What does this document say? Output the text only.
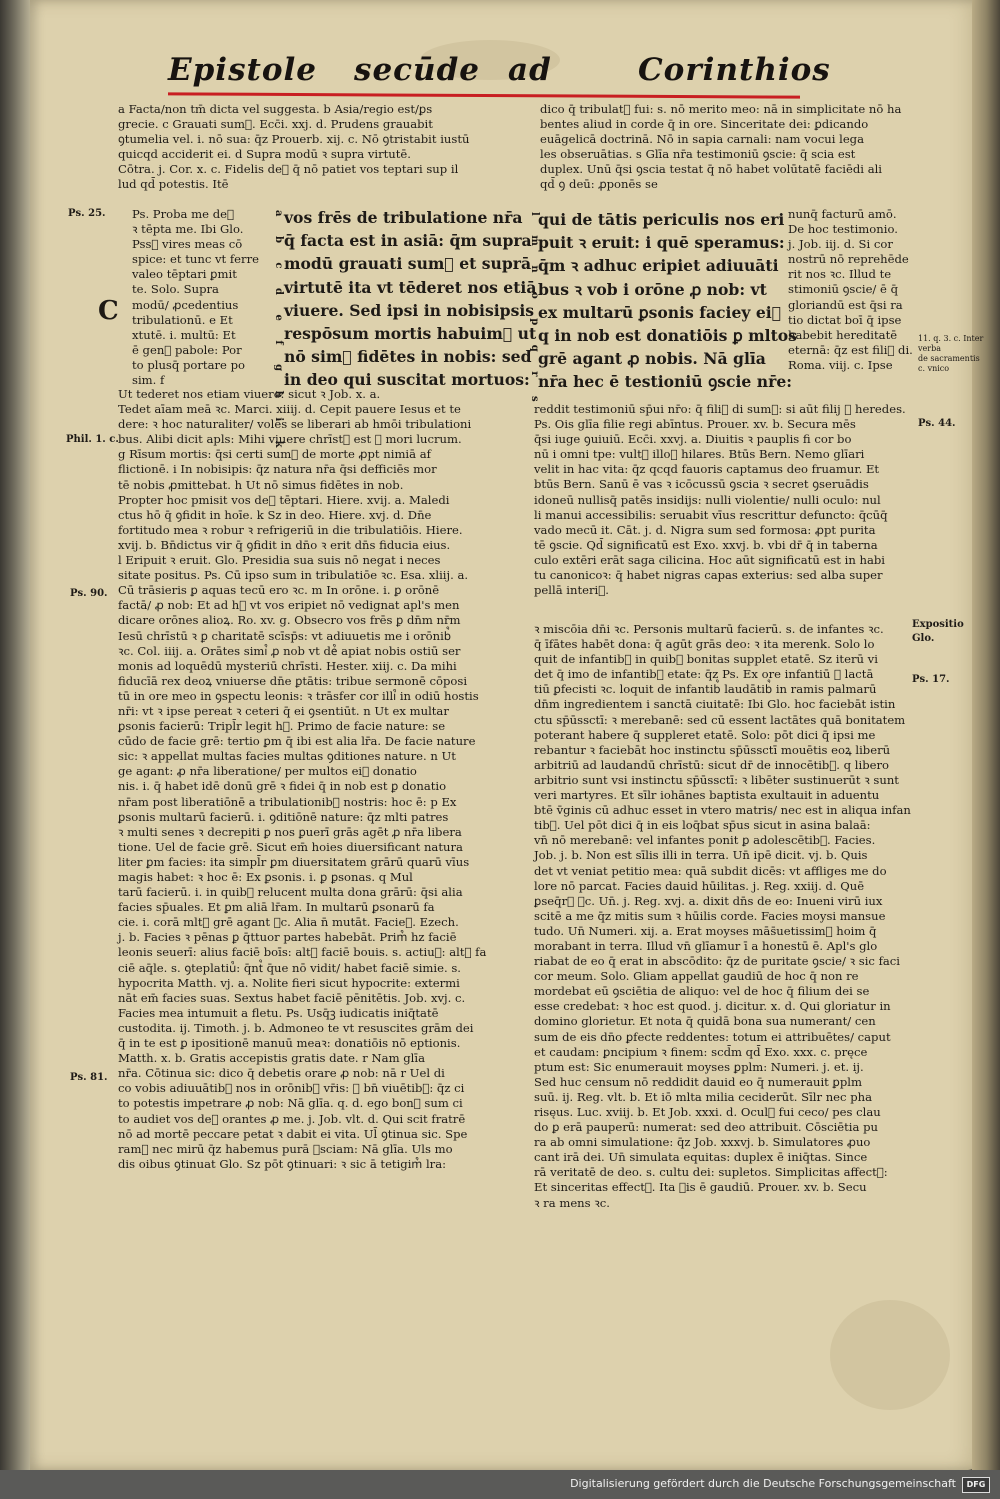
Epistole secūde ad	Corinthios
a Facta/non tm̄ dicta vel suggesta. b Asia/regio est/ꝑs
grecie. c Grauati sum᷒. Ecc̄i. xxj. d. Prudens grauabit
ꝯtumelia vel. i. nō sua: q̄z Prouerb. xij. c. Nō ꝯtristabit iustū
quicqd acciderit ei. d Supra modū ꝛ supra virtutē.
Cōtra. j. Cor. x. c. Fidelis de᷒ q̄ nō patiet vos teptari sup il
lud qd̄ potestis. Itē
Ps. Proba me de᷒
ꝛ tēpta me. Ibi Glo.
Pss᷒ vires meas cō
spice: et tunc vt ferre
valeo tēptari ꝑmit
te. Solo. Supra
modū/ ꝓcedentius
tribulationū. e Et
xtutē. i. multū: Et
ē gen᷒ pabole: Por
to plusq̄ portare po
sim. f
C
vos frēs de tribulatione nr̄a
q̄ facta est in asiā: q̄m supra
modū grauati sum᷒ et suprā
virtutē ita vt tēderet nos etiā
viuere. Sed ipsi in nobisipsis
respōsum mortis habuim᷒ ut
nō sim᷒ fidētes in nobis: sed
in deo qui suscitat mortuos:
a b c d e f g h i k
Ut tederet nos etiam viuere: sicut ꝛ Job. x. a.
Tedet aīam meā ꝛc. Marci. xiiij. d. Cepit pauere Iesus et te
dere: ꝛ hoc naturaliter/ volēs se liberari ab hmōi tribulationi
bus. Alibi dicit apls: Mihi viuere chrīst᷒ est ꝛ mori lucrum.
g Rīsum mortis: q̄si certi sum᷒ de morte ꝓpt nimiā af
flictionē. i In nobisipis: q̄z natura nr̄a q̄si defficiēs mor
tē nobis ꝓmittebat. h Ut nō simus fidētes in nob.
Propter hoc pmisit vos de᷒ tēptari. Hiere. xvij. a. Maledi
ctus hō q̄ ꝯfidit in hoīe. k Sz in deo. Hiere. xvj. d. Dn̄e
fortitudo mea ꝛ robur ꝛ refrigeriū in die tribulatiōis. Hiere.
xvij. b. Bn̄dictus vir q̄ ꝯfidit in dn̄o ꝛ erit dn̄s fiducia eius.
l Eripuit ꝛ eruit. Glo. Presidia sua suis nō negat i neces
sitate positus. Ps. Cū ipso sum in tribulatiōe ꝛc. Esa. xliij. a.
Cū trāsieris ꝑ aquas tecū ero ꝛc. m In orōne. i. ꝑ orōnē
factā/ ꝓ nob: Et ad h᷒ vt vos eripiet nō vedignat apl's men
dicare orōnes alioꝝ. Ro. xv. g. Obsecro vos frēs ꝑ dn̄m nr̄m
Iesū chrīstū ꝛ ꝑ charitatē scīsp̄s: vt adiuuetis me i orōnib᷒
ꝛc. Col. iiij. a. Orātes simi᷒ ꝓ nob vt de᷒ apiat nobis ostiū ser
monis ad loquēdū mysteriū chrīsti. Hester. xiij. c. Da mihi
fiducīā rex deoꝝ vniuerse dn̄e ꝑtātis: tribue sermonē cōposi
tū in ore meo in ꝯspectu leonis: ꝛ trāsfer cor illi᷒ in odiū hostis
nr̄i: vt ꝛ ipse pereat ꝛ ceteri q̄ ei ꝯsentiūt. n Ut ex multar
ꝑsonis facierū: Tripl̄r legit h᷒. Primo de facie nature: se
cūdo de facie grē: tertio ꝑm q̄ ibi est alia lr̄a. De facie nature
sic: ꝛ appellat multas facies multas ꝯditiones nature. n Ut
ge agant: ꝓ nr̄a liberatione/ per multos ei᷒ donatio
nis. i. q̄ habet idē donū grē ꝛ fidei q̄ in nob est ꝑ donatio
nr̄am post liberatiōnē a tribulationib᷒ nostris: hoc ē: p Ex
ꝑsonis multarū facierū. i. ꝯditiōnē nature: q̄z mlti patres
ꝛ multi senes ꝛ decrepiti ꝑ nos ꝑuerī grās agēt ꝓ nr̄a libera
tione. Uel de facie grē. Sicut em̄ hoies diuersificant natura
liter ꝑm facies: ita simpl̄r ꝑm diuersitatem grārū quarū vīus
magis habet: ꝛ hoc ē: Ex ꝑsonis. i. ꝑ ꝑsonas. q Mul
tarū facierū. i. in quib᷒ relucent multa dona grārū: q̄si alia
facies sp̄uales. Et ꝑm aliā lr̄am. In multarū ꝑsonarū fa
cie. i. corā mlt᷒ grē agant ꝛc. Alia n̄ mutāt. Facieꝝ. Ezech.
j. b. Facies ꝛ pēnas ꝑ q̄ttuor partes habebāt. Prim᷒ hz faciē
leonis seuerī: alius faciē boīs: alt᷒ faciē bouis. s. actiu᷒: alt᷒ fa
ciē aq̄le. s. ꝯteplatiu᷒: q̄nt᷒ q̄ue nō vidit/ habet faciē simie. s.
hypocrita Matth. vj. a. Nolite fieri sicut hypocrite: extermi
nāt em̄ facies suas. Sextus habet faciē pēnitētis. Job. xvj. c.
Facies mea intumuit a fletu. Ps. Usq̄ꝫ iudicatis iniq̄tatē
custodita. ij. Timoth. j. b. Admoneo te vt resuscites grām dei
q̄ in te est ꝑ ipositionē manuū meaꝛ: donatiōis nō eptionis.
Matth. x. b. Gratis accepistis gratis date. r Nam glīa
nr̄a. Cōtinua sic: dico q̄ debetis orare ꝓ nob: nā r Uel di
co vobis adiuuātib᷒ nos in orōnib᷒ vr̄is: ꝛ bn̄ viuētib᷒: q̄z ci
to potestis impetrare ꝓ nob: Nā glīa. q. d. ego bon᷒ sum ci
to audiet vos de᷒ orantes ꝓ me. j. Job. vlt. d. Qui scit fratrē
nō ad mortē peccare petat ꝛ dabit ei vita. Ul̄ ꝯtinua sic. Spe
ram᷒ nec mirū q̄z habemus purā ꝯsciam: Nā glīa. Uls mo
dis oibus ꝯtinuat Glo. Sz pōt ꝯtinuari: ꝛ sic ā tetigim᷒ lra:
dico q̄ tribulat᷒ fui: s. nō merito meo: nā in simplicitate nō ha
bentes aliud in corde q̄ in ore. Sinceritate dei: ꝑdicando
euāgelicā doctrinā. Nō in sapia carnali: nam vocui lega
les obseruātias. s Glīa nr̄a testimoniū ꝯscie: q̄ scia est
duplex. Unū q̄si ꝯscia testat q̄ nō habet volūtatē faciēdi ali
qd̄ ꝯ deū: ꝓponēs se
qui de tātis periculis nos eri
puit ꝛ eruit: i quē speramus:
q̄m ꝛ adhuc eripiet adiuuāti
bus ꝛ vob i orōne ꝓ nob: vt
ex multarū ꝑsonis faciey ei᷒
q in nob est donatiōis ꝑ mltos
grē agant ꝓ nobis. Nā glīa
nr̄a hec ē testioniū ꝯscie nr̄e:
l m n o p q r s	nunq̄ facturū amō.
De hoc testimonio.
j. Job. iij. d. Si cor
nostrū nō reprehēde
rit nos ꝛc. Illud te
stimoniū ꝯscie/ ē q̄
gloriandū est q̄si ra
tio dictat boī q̄ ipse
habebit hereditatē
eternā: q̄z est fili᷒ di.
Roma. viij. c. Ipse
reddit testimoniū sp̄ui nr̄o: q̄ fili᷒ di sum᷒: si aūt filij ꝛ heredes.
Ps. Ois glīa filie regi abīntus. Prouer. xv. b. Secura mēs
q̄si iuge ꝯuiuiū. Ecc̄i. xxvj. a. Diuitis ꝛ pauplis fi cor bo
nū i omni tpe: vult᷒ illoꝝ hilares. Btūs Bern. Nemo glīari
velit in hac vita: q̄z qcqd fauoris captamus deo fruamur. Et
btūs Bern. Sanū ē vas ꝛ icōcussū ꝯscia ꝛ secret ꝯseruādis
idoneū nullisq̄ patēs insidijs: nulli violentie/ nulli oculo: nul
li manui accessibilis: seruabit vīus rescrittur defuncto: q̄cūq̄
vado mecū it. Cāt. j. d. Nigra sum sed formosa: ꝓpt purita
tē ꝯscie. Qd̄ significatū est Exo. xxvj. b. vbi dr̄ q̄ in taberna
culo extēri erāt saga cilicina. Hoc aūt significatū est in habi
tu canonicoꝛ: q̄ habet nigras capas exterius: sed alba super
pellā interi᷒.
ꝛ miscōia dn̄i ꝛc. Personis multarū facierū. s. de infantes ꝛc.
q̄ īfātes habēt dona: q̄ agūt grās deo: ꝛ ita merenk. Solo lo
quit de infantib᷒ in quib᷒ bonitas supplet etatē. Sz iterū vi
det q̄ imo de infantib᷒ etate: q̄z Ps. Ex ore infantiū ꝛ lactā
tiū ꝑfecisti ꝛc. loquit de infantib᷒ laudātib᷒ in ramis palmarū
dn̄m ingredientem i sanctā ciuitatē: Ibi Glo. hoc faciebāt istin
ctu sp̄ūssctī: ꝛ merebanē: sed cū essent lactātes quā bonitatem
poterant habere q̄ suppleret etatē. Solo: pōt dici q̄ ipsi me
rebantur ꝛ faciebāt hoc instinctu sp̄ūssctī mouētis eoꝝ liberū
arbitriū ad laudandū chrīstū: sicut dr̄ de innocētib᷒. q libero
arbitrio sunt vsi instinctu sp̄ūssctī: ꝛ libēter sustinuerūt ꝛ sunt
veri martyres. Et sīlr iohānes baptista exultauit in aduentu
btē v̄ginis cū adhuc esset in vtero matris/ nec est in aliqua infan
tib᷒. Uel pōt dici q̄ in eis loq̄bat sp̄us sicut in asina balaā:
vn̄ nō merebanē: vel infantes ponit ꝑ adolescētib᷒. Facies.
Job. j. b. Non est sīlis illi in terra. Un̄ ipē dicit. vj. b. Quis
det vt veniat petitio mea: quā subdit dicēs: vt affliges me do
lore nō parcat. Facies dauid hūilitas. j. Reg. xxiij. d. Quē
ꝑseq̄r᷒ ꝛc. Un̄. j. Reg. xvj. a. dixit dn̄s de eo: Inueni virū iux
scitē a me q̄z mitis sum ꝛ hūilis corde. Facies moysi mansue
tudo. Un̄ Numeri. xij. a. Erat moyses mās̄uetissim᷒ hoim q̄
morabant in terra. Illud vn̄ glīamur ī a honestū ē. Apl's glo
riabat de eo q̄ erat in abscōdito: q̄z de puritate ꝯscie/ ꝛ sic faci
cor meum. Solo. Gliam appellat gaudiū de hoc q̄ non re
mordebat eū ꝯsciētia de aliquo: vel de hoc q̄ filium dei se
esse credebat: ꝛ hoc est quod. j. dicitur. x. d. Qui gloriatur in
domino glorietur. Et nota q̄ quidā bona sua numerant/ cen
sum de eis dn̄o ꝑfecte reddentes: totum ei attribuētes/ caput
et caudam: ꝑncipium ꝛ finem: scd̄m qd̄ Exo. xxx. c. pręce
ptum est: Sic enumerauit moyses ꝑplm: Numeri. j. et. ij.
Sed huc censum nō reddidit dauid eo q̄ numerauit ꝑplm
suū. ij. Reg. vlt. b. Et iō mlta milia ceciderūt. Sīlr nec pha
risęus. Luc. xviij. b. Et Job. xxxi. d. Ocul᷒ fui ceco/ pes clau
do ꝑ erā pauperū: numerat: sed deo attribuit. Cōsciētia pu
ra ab omni simulatione: q̄z Job. xxxvj. b. Simulatores ꝓuo
cant irā dei. Un̄ simulata equitas: duplex ē iniq̄tas. Since
rā veritatē de deo. s. cultu dei: supletos. Simplicitas affect᷒:
Et sinceritas effect᷒. Ita ꝯis ē gaudiū. Prouer. xv. b. Secu
ꝛ ra mens ꝛc.
Ps. 25.
Phil. 1. c.
Ps. 90.
Ps. 81.
Ps. 44.
Ps. 17.
Expositio Glo.
11. q. 3. c. Inter
verba
de sacramentis
c. vnico
Digitalisierung gefördert durch die Deutsche Forschungsgemeinschaft	DFG
